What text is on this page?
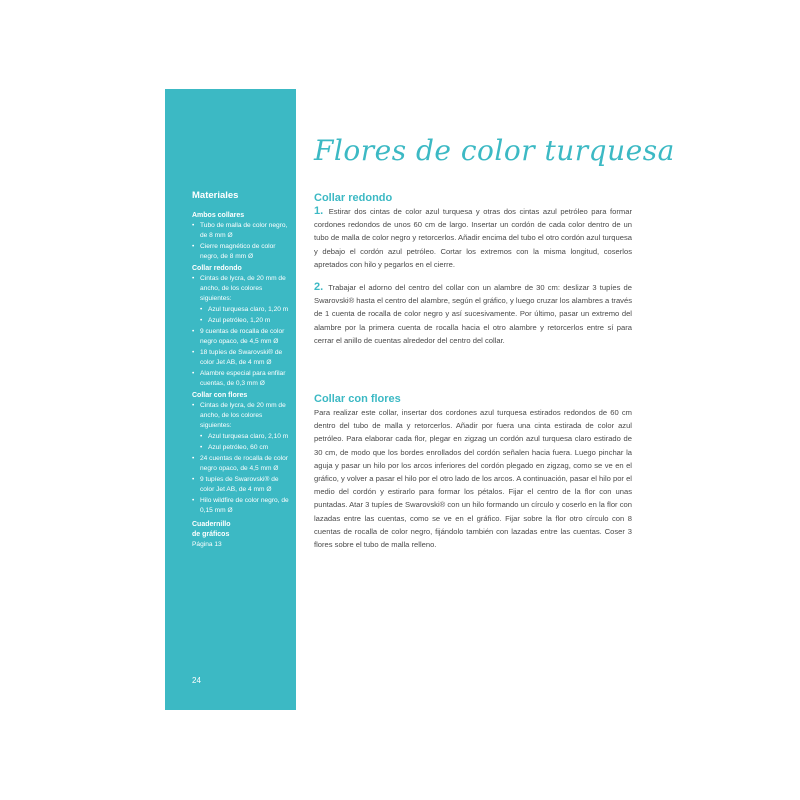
Materiales

Ambos collares

• Tubo de malla de color negro, de 8 mm Ø
• Cierre magnético de color negro, de 8 mm Ø

Collar redondo

• Cintas de lycra, de 20 mm de ancho, de los colores siguientes:
• Azul turquesa claro, 1,20 m
• Azul petróleo, 1,20 m
• 9 cuentas de rocalla de color negro opaco, de 4,5 mm Ø
• 18 tupíes de Swarovski® de color Jet AB, de 4 mm Ø
• Alambre especial para enfilar cuentas, de 0,3 mm Ø

Collar con flores

• Cintas de lycra, de 20 mm de ancho, de los colores siguientes:
• Azul turquesa claro, 2,10 m
• Azul petróleo, 60 cm
• 24 cuentas de rocalla de color negro opaco, de 4,5 mm Ø
• 9 tupíes de Swarovski® de color Jet AB, de 4 mm Ø
• Hilo wildfire de color negro, de 0,15 mm Ø
Cuadernillo
de gráficos
Página 13
24
Flores de color turquesa

Collar redondo

1. Estirar dos cintas de color azul turquesa y otras dos cintas azul petróleo para formar cordones redondos de unos 60 cm de largo. Insertar un cordón de cada color dentro de un tubo de malla de color negro y retorcerlos. Añadir encima del tubo el otro cordón azul turquesa y debajo el cordón azul petróleo. Cortar los extremos con la misma longitud, coserlos apretados con hilo y pegarlos en el cierre.

2. Trabajar el adorno del centro del collar con un alambre de 30 cm: deslizar 3 tupíes de Swarovski® hasta el centro del alambre, según el gráfico, y luego cruzar los alambres a través de 1 cuenta de rocalla de color negro y así sucesivamente. Por último, pasar un extremo del alambre por la primera cuenta de rocalla hacia el otro alambre y retorcerlos entre sí para cerrar el anillo de cuentas alrededor del centro del collar.

Collar con flores

Para realizar este collar, insertar dos cordones azul turquesa estirados redondos de 60 cm dentro del tubo de malla y retorcerlos. Añadir por fuera una cinta estirada de color azul petróleo. Para elaborar cada flor, plegar en zigzag un cordón azul turquesa claro estirado de 30 cm, de modo que los bordes enrollados del cordón señalen hacia fuera. Luego pinchar la aguja y pasar un hilo por los arcos inferiores del cordón plegado en zigzag, como se ve en el gráfico, y volver a pasar el hilo por el otro lado de los arcos. A continuación, pasar el hilo por el medio del cordón y estirarlo para formar los pétalos. Fijar el centro de la flor con unas puntadas. Atar 3 tupíes de Swarovski® con un hilo formando un círculo y coserlo en la flor con lazadas entre las cuentas, como se ve en el gráfico. Fijar sobre la flor otro círculo con 8 cuentas de rocalla de color negro, fijándolo también con lazadas entre las cuentas. Coser 3 flores sobre el tubo de malla relleno.
